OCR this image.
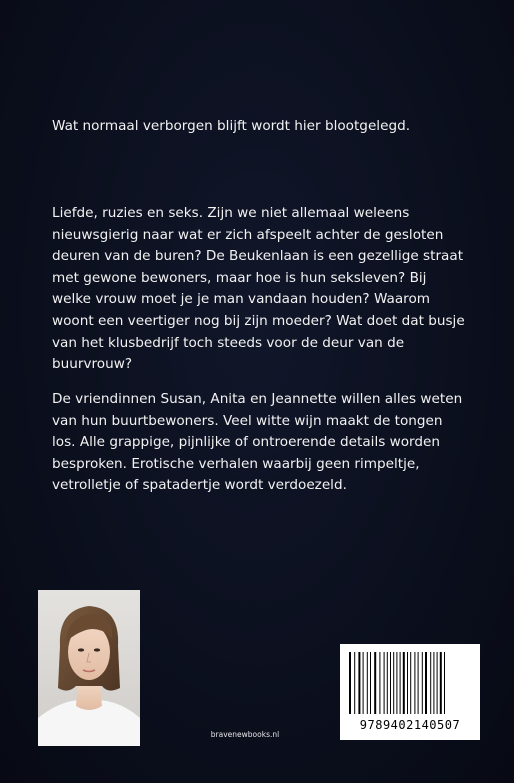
Wat normaal verborgen blijft wordt hier blootgelegd.

Liefde, ruzies en seks. Zijn we niet allemaal weleens
nieuwsgierig naar wat er zich afspeelt achter de gesloten
deuren van de buren? De Beukenlaan is een gezellige straat
met gewone bewoners, maar hoe is hun seksleven? Bij
welke vrouw moet je je man vandaan houden? Waarom
woont een veertiger nog bij zijn moeder? Wat doet dat busje
van het klusbedrijf toch steeds voor de deur van de
buurvrouw?
De vriendinnen Susan, Anita en Jeannette willen alles weten
van hun buurtbewoners. Veel witte wijn maakt de tongen
los. Alle grappige, pijnlijke of ontroerende details worden
besproken. Erotische verhalen waarbij geen rimpeltje,
vetrolletje of spatadertje wordt verdoezeld.

bravenewbooks.nl

9789402140507
